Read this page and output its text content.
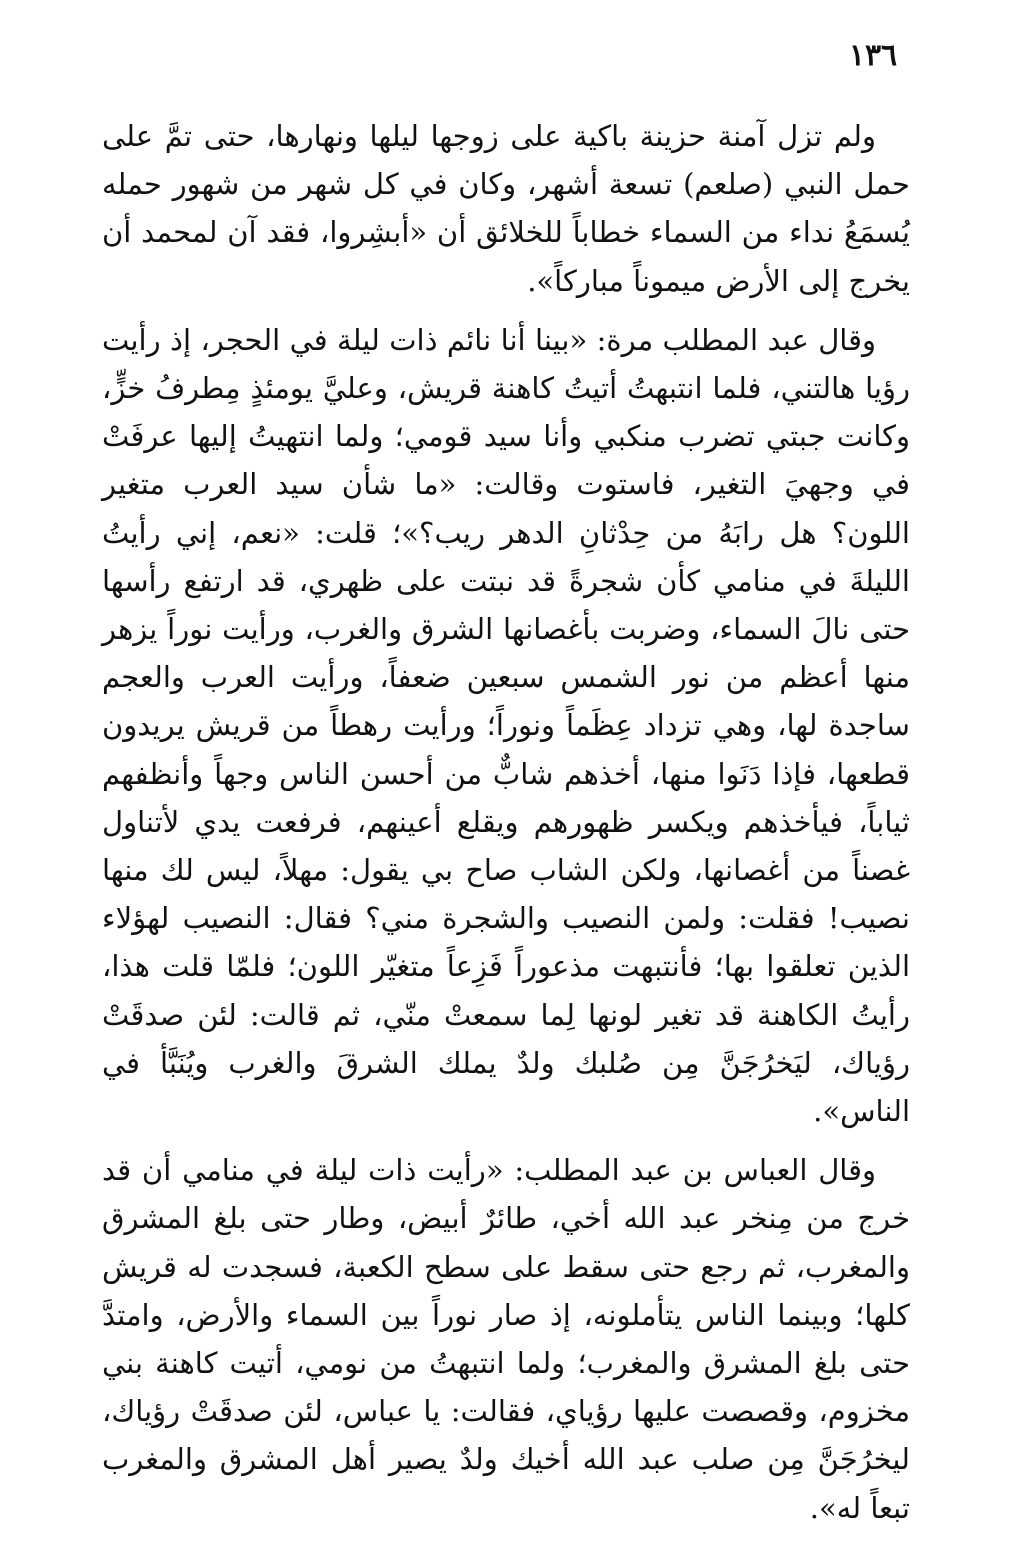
١٣٦

ولم تزل آمنة حزينة باكية على زوجها ليلها ونهارها، حتى تمَّ على حمل النبي (صلعم) تسعة أشهر، وكان في كل شهر من شهور حمله يُسمَعُ نداء من السماء خطاباً للخلائق أن «أبشِروا، فقد آن لمحمد أن يخرج إلى الأرض ميموناً مباركاً».

وقال عبد المطلب مرة: «بينا أنا نائم ذات ليلة في الحجر، إذ رأيت رؤيا هالتني، فلما انتبهتُ أتيتُ كاهنة قريش، وعليَّ يومئذٍ مِطرفُ خزٍّ، وكانت جبتي تضرب منكبي وأنا سيد قومي؛ ولما انتهيتُ إليها عرفَتْ في وجهيَ التغير، فاستوت وقالت: «ما شأن سيد العرب متغير اللون؟ هل رابَهُ من حِدْثانِ الدهر ريب؟»؛ قلت: «نعم، إني رأيتُ الليلةَ في منامي كأن شجرةً قد نبتت على ظهري، قد ارتفع رأسها حتى نالَ السماء، وضربت بأغصانها الشرق والغرب، ورأيت نوراً يزهر منها أعظم من نور الشمس سبعين ضعفاً، ورأيت العرب والعجم ساجدة لها، وهي تزداد عِظَماً ونوراً؛ ورأيت رهطاً من قريش يريدون قطعها، فإذا دَنَوا منها، أخذهم شابٌّ من أحسن الناس وجهاً وأنظفهم ثياباً، فيأخذهم ويكسر ظهورهم ويقلع أعينهم، فرفعت يدي لأتناول غصناً من أغصانها، ولكن الشاب صاح بي يقول: مهلاً، ليس لك منها نصيب! فقلت: ولمن النصيب والشجرة مني؟ فقال: النصيب لهؤلاء الذين تعلقوا بها؛ فأنتبهت مذعوراً فَزِعاً متغيّر اللون؛ فلمّا قلت هذا، رأيتُ الكاهنة قد تغير لونها لِما سمعتْ منّي، ثم قالت: لئن صدقَتْ رؤياك، ليَخرُجَنَّ مِن صُلبك ولدٌ يملك الشرقَ والغرب ويُنَبَّأ في الناس».

وقال العباس بن عبد المطلب: «رأيت ذات ليلة في منامي أن قد خرج من مِنخر عبد الله أخي، طائرٌ أبيض، وطار حتى بلغ المشرق والمغرب، ثم رجع حتى سقط على سطح الكعبة، فسجدت له قريش كلها؛ وبينما الناس يتأملونه، إذ صار نوراً بين السماء والأرض، وامتدَّ حتى بلغ المشرق والمغرب؛ ولما انتبهتُ من نومي، أتيت كاهنة بني مخزوم، وقصصت عليها رؤياي، فقالت: يا عباس، لئن صدقَتْ رؤياك، ليخرُجَنَّ مِن صلب عبد الله أخيك ولدٌ يصير أهل المشرق والمغرب تبعاً له».
